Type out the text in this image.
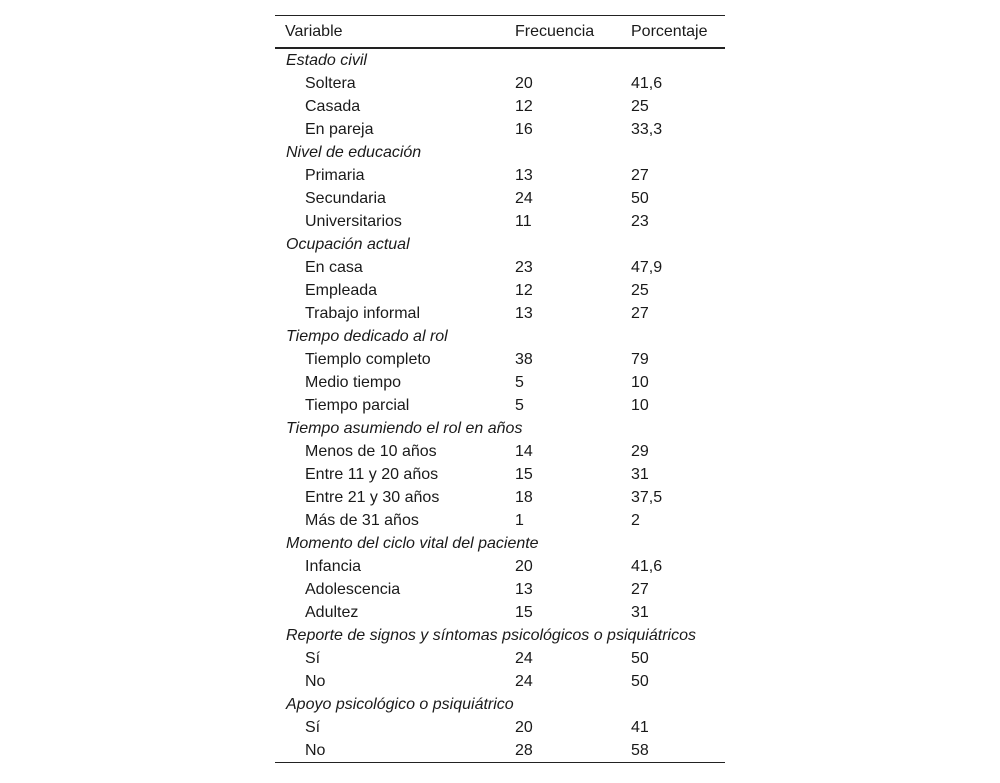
Variable	Frecuencia	Porcentaje
Estado civil		
Soltera	20	41,6
Casada	12	25
En pareja	16	33,3
Nivel de educación		
Primaria	13	27
Secundaria	24	50
Universitarios	11	23
Ocupación actual		
En casa	23	47,9
Empleada	12	25
Trabajo informal	13	27
Tiempo dedicado al rol		
Tiemplo completo	38	79
Medio tiempo	5	10
Tiempo parcial	5	10
Tiempo asumiendo el rol en años		
Menos de 10 años	14	29
Entre 11 y 20 años	15	31
Entre 21 y 30 años	18	37,5
Más de 31 años	1	2
Momento del ciclo vital del paciente		
Infancia	20	41,6
Adolescencia	13	27
Adultez	15	31
Reporte de signos y síntomas psicológicos o psiquiátricos		
Sí	24	50
No	24	50
Apoyo psicológico o psiquiátrico		
Sí	20	41
No	28	58
